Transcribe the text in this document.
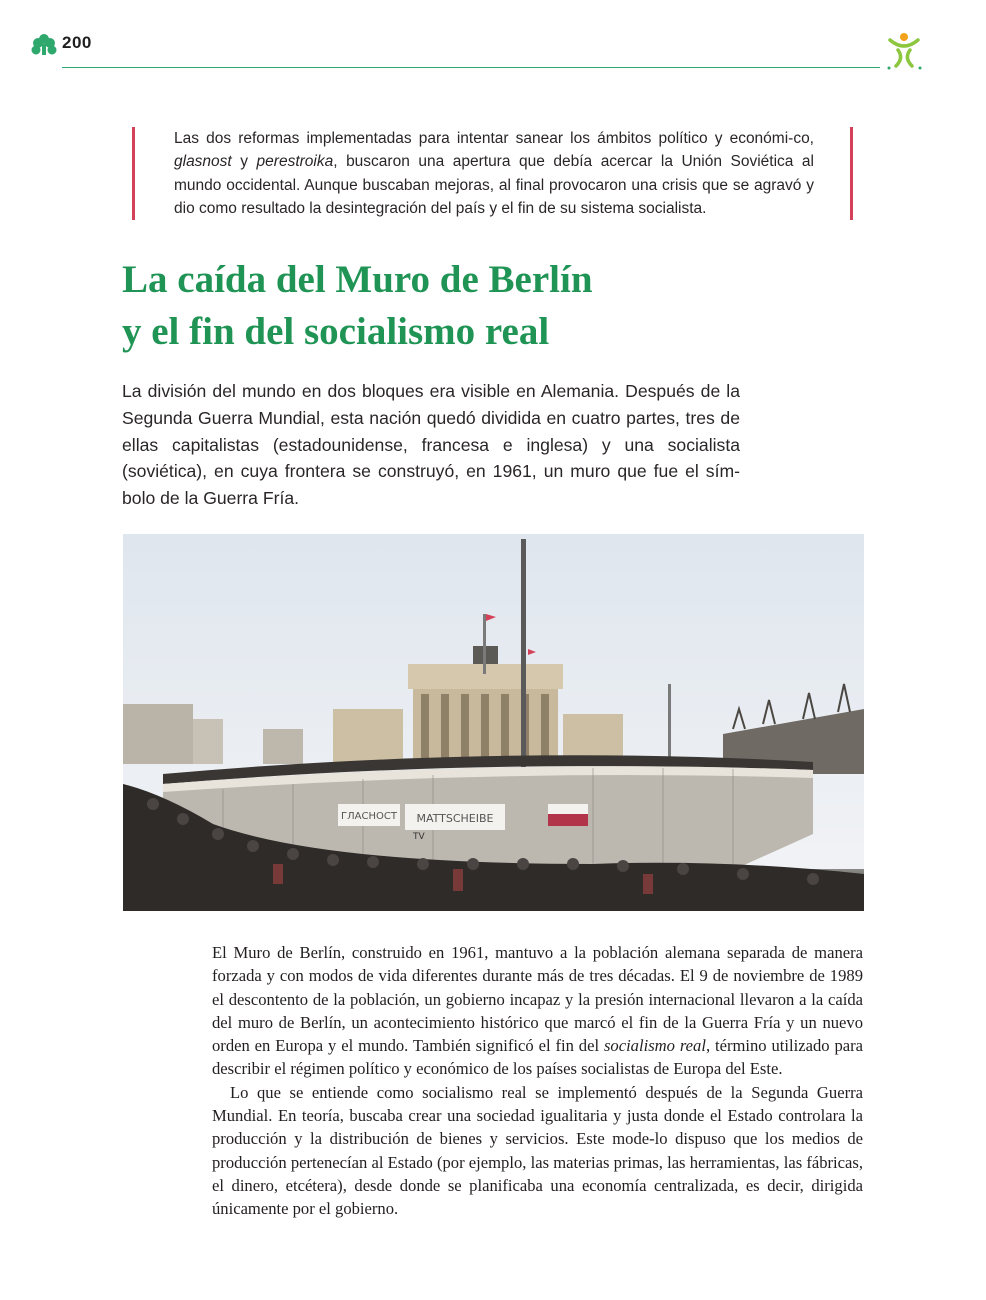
200
Las dos reformas implementadas para intentar sanear los ámbitos político y económi-co, glasnost y perestroika, buscaron una apertura que debía acercar la Unión Soviética al mundo occidental. Aunque buscaban mejoras, al final provocaron una crisis que se agravó y dio como resultado la desintegración del país y el fin de su sistema socialista.
La caída del Muro de Berlín
y el fin del socialismo real

La división del mundo en dos bloques era visible en Alemania. Después de la Segunda Guerra Mundial, esta nación quedó dividida en cuatro partes, tres de ellas capitalistas (estadounidense, francesa e inglesa) y una socialista (soviética), en cuya frontera se construyó, en 1961, un muro que fue el sím-bolo de la Guerra Fría.

ГЛАСНОСТ MATTSCHEIBE
TV

El Muro de Berlín, construido en 1961, mantuvo a la población alemana separada de manera forzada y con modos de vida diferentes durante más de tres décadas. El 9 de noviembre de 1989 el descontento de la población, un gobierno incapaz y la presión internacional llevaron a la caída del muro de Berlín, un acontecimiento histórico que marcó el fin de la Guerra Fría y un nuevo orden en Europa y el mundo. También significó el fin del socialismo real, término utilizado para describir el régimen político y económico de los países socialistas de Europa del Este.

Lo que se entiende como socialismo real se implementó después de la Segunda Guerra Mundial. En teoría, buscaba crear una sociedad igualitaria y justa donde el Estado controlara la producción y la distribución de bienes y servicios. Este mode-lo dispuso que los medios de producción pertenecían al Estado (por ejemplo, las materias primas, las herramientas, las fábricas, el dinero, etcétera), desde donde se planificaba una economía centralizada, es decir, dirigida únicamente por el gobierno.
